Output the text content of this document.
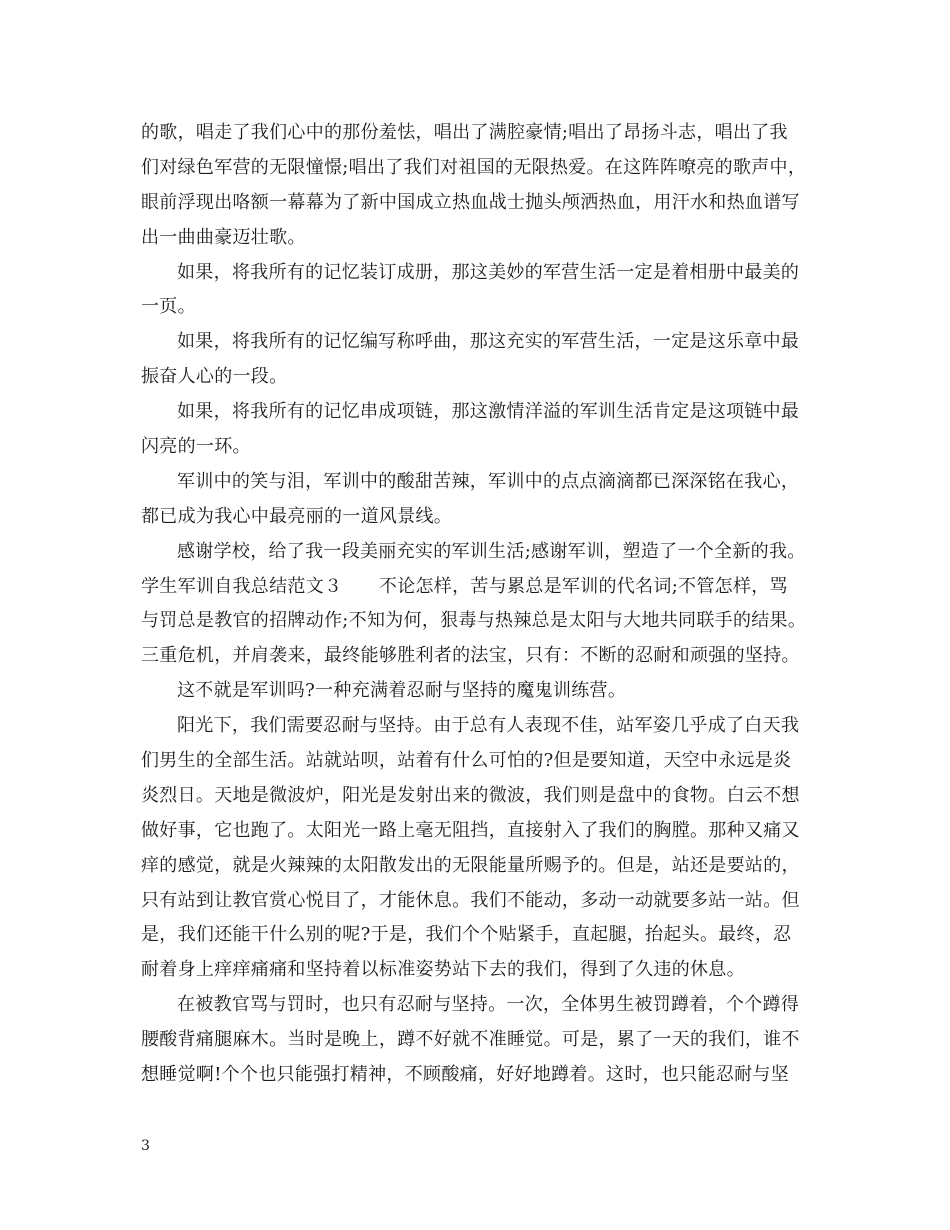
的歌，唱走了我们心中的那份羞怯，唱出了满腔豪情;唱出了昂扬斗志，唱出了我
们对绿色军营的无限憧憬;唱出了我们对祖国的无限热爱。在这阵阵嘹亮的歌声中，
眼前浮现出咯额一幕幕为了新中国成立热血战士抛头颅洒热血，用汗水和热血谱写
出一曲曲豪迈壮歌。
如果，将我所有的记忆装订成册，那这美妙的军营生活一定是着相册中最美的
一页。
如果，将我所有的记忆编写称呼曲，那这充实的军营生活，一定是这乐章中最
振奋人心的一段。
如果，将我所有的记忆串成项链，那这激情洋溢的军训生活肯定是这项链中最
闪亮的一环。
军训中的笑与泪，军训中的酸甜苦辣，军训中的点点滴滴都已深深铭在我心，
都已成为我心中最亮丽的一道风景线。
感谢学校，给了我一段美丽充实的军训生活;感谢军训，塑造了一个全新的我。
学生军训自我总结范文３　　不论怎样，苦与累总是军训的代名词;不管怎样，骂
与罚总是教官的招牌动作;不知为何，狠毒与热辣总是太阳与大地共同联手的结果。
三重危机，并肩袭来，最终能够胜利者的法宝，只有：不断的忍耐和顽强的坚持。
这不就是军训吗?一种充满着忍耐与坚持的魔鬼训练营。
阳光下，我们需要忍耐与坚持。由于总有人表现不佳，站军姿几乎成了白天我
们男生的全部生活。站就站呗，站着有什么可怕的?但是要知道，天空中永远是炎
炎烈日。天地是微波炉，阳光是发射出来的微波，我们则是盘中的食物。白云不想
做好事，它也跑了。太阳光一路上毫无阻挡，直接射入了我们的胸膛。那种又痛又
痒的感觉，就是火辣辣的太阳散发出的无限能量所赐予的。但是，站还是要站的，
只有站到让教官赏心悦目了，才能休息。我们不能动，多动一动就要多站一站。但
是，我们还能干什么别的呢?于是，我们个个贴紧手，直起腿，抬起头。最终，忍
耐着身上痒痒痛痛和坚持着以标准姿势站下去的我们，得到了久违的休息。
在被教官骂与罚时，也只有忍耐与坚持。一次，全体男生被罚蹲着，个个蹲得
腰酸背痛腿麻木。当时是晚上，蹲不好就不准睡觉。可是，累了一天的我们，谁不
想睡觉啊!个个也只能强打精神，不顾酸痛，好好地蹲着。这时，也只能忍耐与坚
3
